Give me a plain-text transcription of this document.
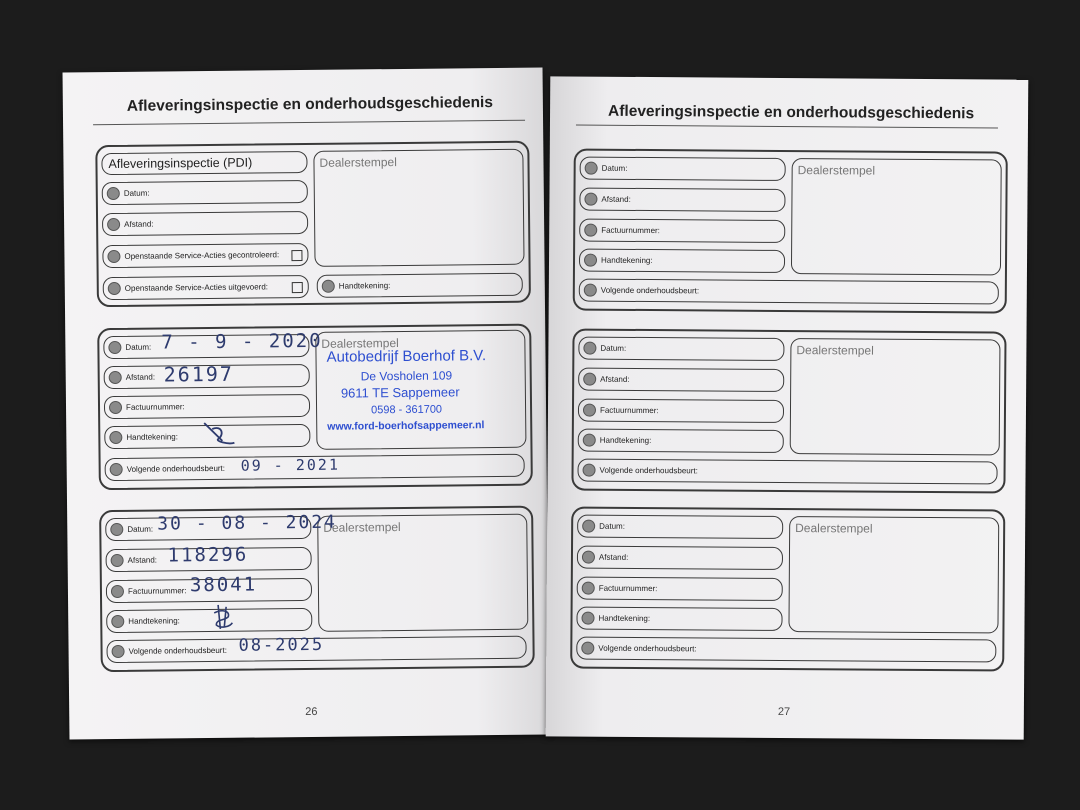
Afleveringsinspectie en onderhoudsgeschiedenis
Afleveringsinspectie (PDI)
Datum:
Afstand:
Openstaande Service-Acties gecontroleerd:
Openstaande Service-Acties uitgevoerd:
Dealerstempel
Handtekening:
Datum:
Afstand:
Factuurnummer:
Handtekening:
Volgende onderhoudsbeurt:
Dealerstempel
Autobedrijf Boerhof B.V.
De Vosholen 109
9611 TE Sappemeer
0598 - 361700
www.ford-boerhofsappemeer.nl
7 - 9 - 2020
26197
09 - 2021
Datum:
Afstand:
Factuurnummer:
Handtekening:
Volgende onderhoudsbeurt:
Dealerstempel
30 - 08 - 2024
118296
38041
08-2025
26
Afleveringsinspectie en onderhoudsgeschiedenis
Datum:
Afstand:
Factuurnummer:
Handtekening:
Volgende onderhoudsbeurt:
Dealerstempel
Datum:
Afstand:
Factuurnummer:
Handtekening:
Volgende onderhoudsbeurt:
Dealerstempel
Datum:
Afstand:
Factuurnummer:
Handtekening:
Volgende onderhoudsbeurt:
Dealerstempel
27
